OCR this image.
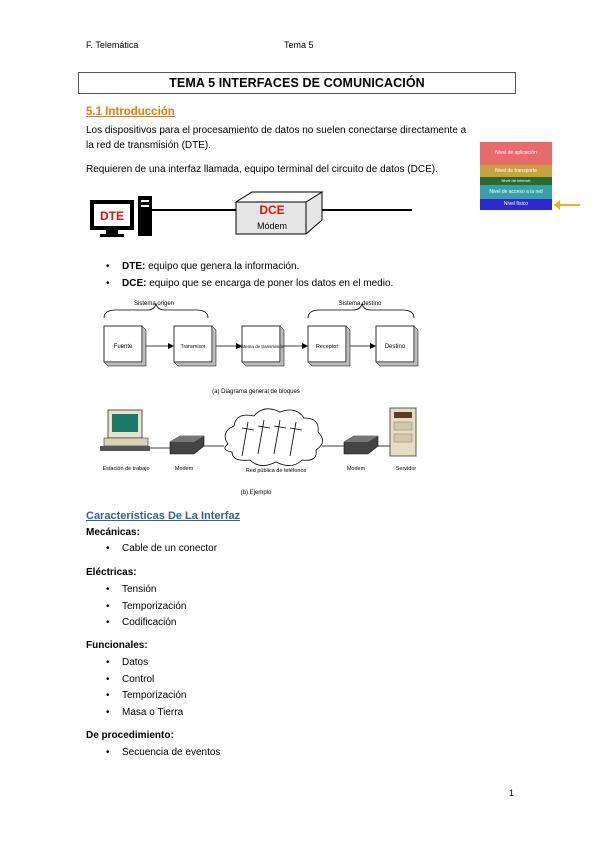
F. Telemática	Tema 5
TEMA 5 INTERFACES DE COMUNICACIÓN
5.1 Introducción
Los dispositivos para el procesamiento de datos no suelen conectarse directamente a
la red de transmisión (DTE).
Requieren de una interfaz llamada, equipo terminal del circuito de datos (DCE).
Nivel de aplicación
Nivel de transporte
Nivel de internet
Nivel de acceso a la red
Nivel físico
DTE	DCE
Módem
• DTE: equipo que genera la información.
• DCE: equipo que se encarga de poner los datos en el medio.
Sistema origen	Sistema destino
Fuente	Transmisor	Sistema de transmisión	Receptor	Destino
(a) Diagrama general de bloques
Estación de trabajo	Modem	Red pública de teléfonos	Modem	Servidor
(b) Ejemplo
Características De La Interfaz
Mecánicas:
• Cable de un conector
Eléctricas:
• Tensión
• Temporización
• Codificación
Funcionales:
• Datos
• Control
• Temporización
• Masa o Tierra
De procedimiento:
• Secuencia de eventos
1
